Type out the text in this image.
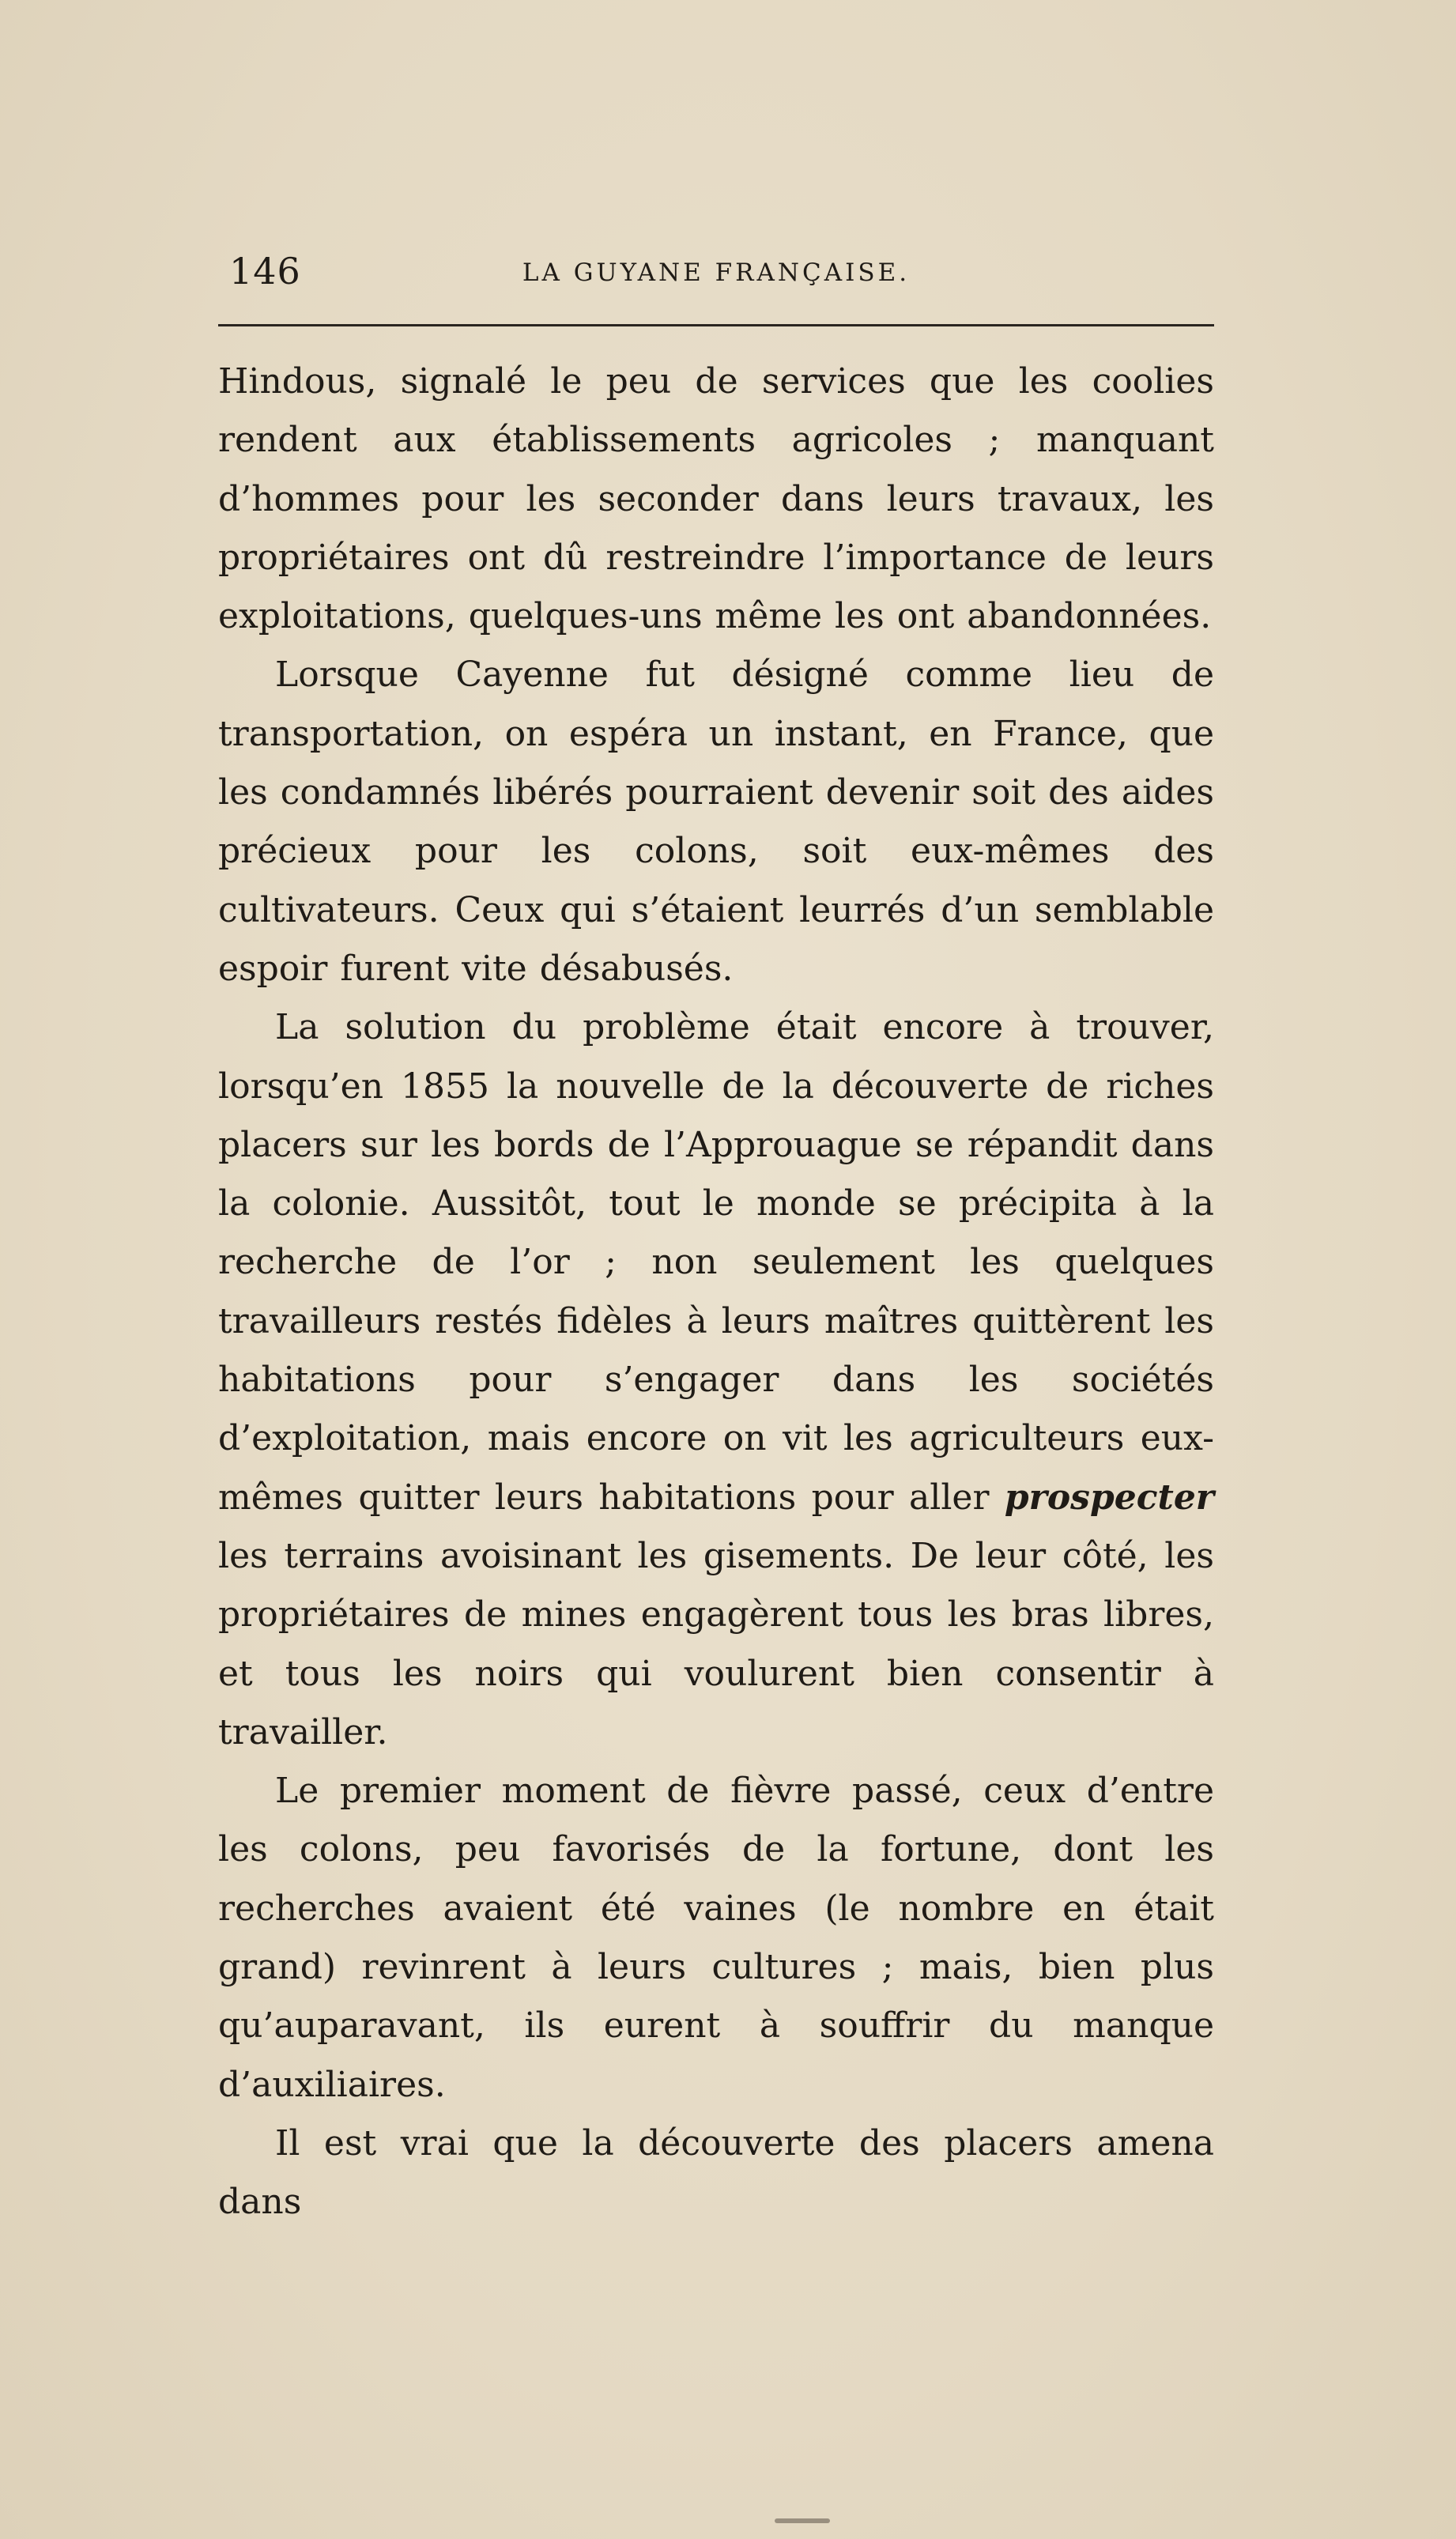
146	LA GUYANE FRANÇAISE.

Hindous, signalé le peu de services que les coolies rendent aux établissements agricoles ; manquant d’hommes pour les seconder dans leurs travaux, les propriétaires ont dû restreindre l’importance de leurs exploitations, quelques-uns même les ont abandonnées.

Lorsque Cayenne fut désigné comme lieu de transportation, on espéra un instant, en France, que les condamnés libérés pourraient devenir soit des aides précieux pour les colons, soit eux-mêmes des cultivateurs. Ceux qui s’étaient leurrés d’un semblable espoir furent vite désabusés.

La solution du problème était encore à trouver, lorsqu’en 1855 la nouvelle de la découverte de riches placers sur les bords de l’Approuague se répandit dans la colonie. Aussitôt, tout le monde se précipita à la recherche de l’or ; non seulement les quelques travailleurs restés fidèles à leurs maîtres quittèrent les habitations pour s’engager dans les sociétés d’exploitation, mais encore on vit les agriculteurs eux-mêmes quitter leurs habitations pour aller prospecter les terrains avoisinant les gisements. De leur côté, les propriétaires de mines engagèrent tous les bras libres, et tous les noirs qui voulurent bien consentir à travailler.

Le premier moment de fièvre passé, ceux d’entre les colons, peu favorisés de la fortune, dont les recherches avaient été vaines (le nombre en était grand) revinrent à leurs cultures ; mais, bien plus qu’auparavant, ils eurent à souffrir du manque d’auxiliaires.

Il est vrai que la découverte des placers amena dans
